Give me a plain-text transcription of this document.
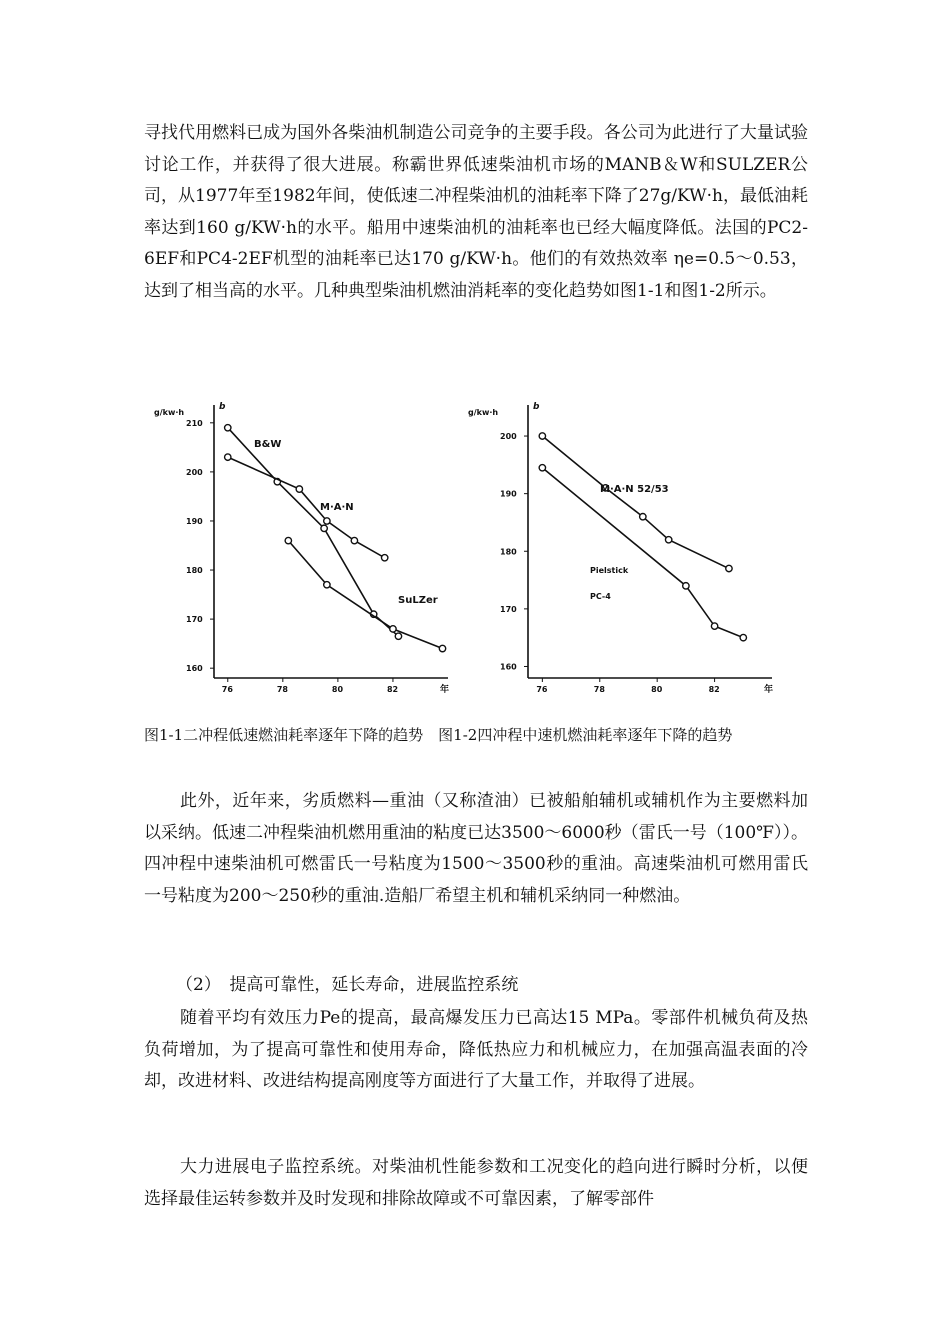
寻找代用燃料已成为国外各柴油机制造公司竞争的主要手段。各公司为此进行了大量试验讨论工作，并获得了很大进展。称霸世界低速柴油机市场的MANB＆W和SULZER公司，从1977年至1982年间，使低速二冲程柴油机的油耗率下降了27g/KW·h，最低油耗率达到160 g/KW·h的水平。船用中速柴油机的油耗率也已经大幅度降低。法国的PC2-6EF和PC4-2EF机型的油耗率已达170 g/KW·h。他们的有效热效率 ηe=0.5～0.53，达到了相当高的水平。几种典型柴油机燃油消耗率的变化趋势如图1-1和图1-2所示。

g/kw·h
b
年
210
200
190
180
170
160
76	78	80	82
B&W
M·A·N
SuLZer
g/kw·h
b
年
200
190
180
170
160
76	78	80	82
M·A·N 52/53
Pielstick
PC-4

图1-1二冲程低速燃油耗率逐年下降的趋势　图1-2四冲程中速机燃油耗率逐年下降的趋势

此外，近年来，劣质燃料—重油（又称渣油）已被船舶辅机或辅机作为主要燃料加以采纳。低速二冲程柴油机燃用重油的粘度已达3500～6000秒（雷氏一号（100℉））。四冲程中速柴油机可燃雷氏一号粘度为1500～3500秒的重油。高速柴油机可燃用雷氏一号粘度为200～250秒的重油.造船厂希望主机和辅机采纳同一种燃油。

（2）　提高可靠性，延长寿命，进展监控系统

随着平均有效压力Pe的提高，最高爆发压力已高达15 MPa。零部件机械负荷及热负荷增加，为了提高可靠性和使用寿命，降低热应力和机械应力，在加强高温表面的冷却，改进材料、改进结构提高刚度等方面进行了大量工作，并取得了进展。

大力进展电子监控系统。对柴油机性能参数和工况变化的趋向进行瞬时分析，以便选择最佳运转参数并及时发现和排除故障或不可靠因素，了解零部件
